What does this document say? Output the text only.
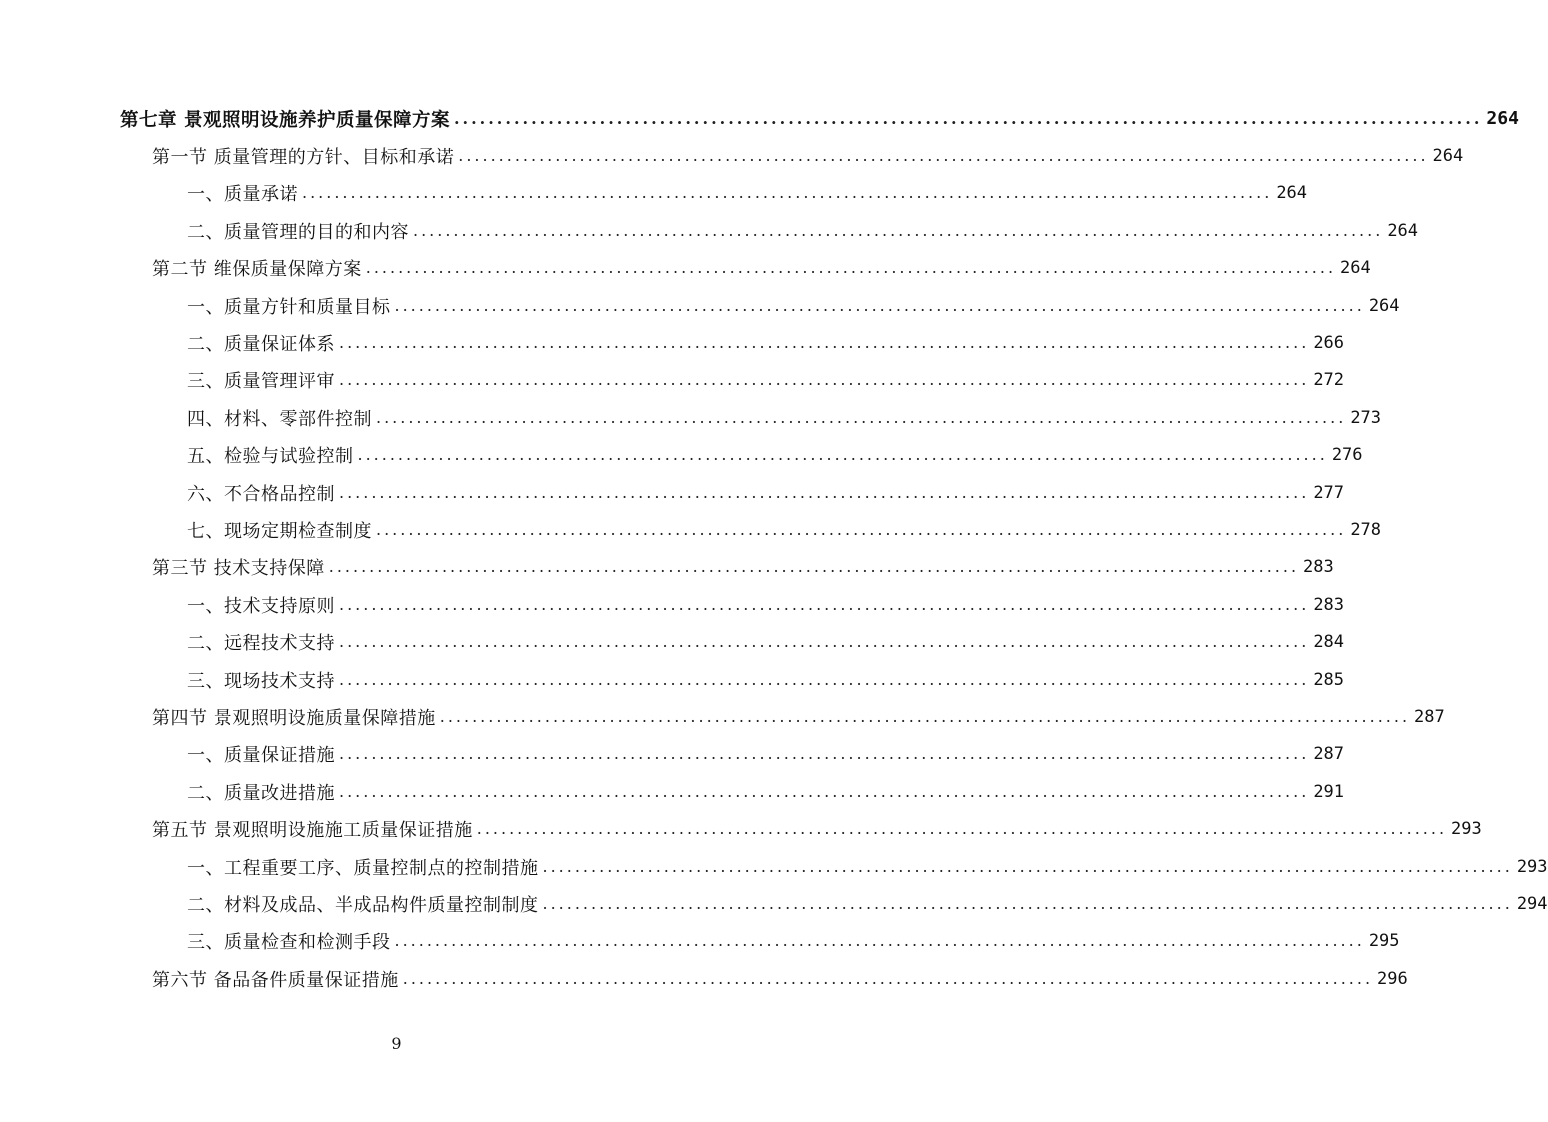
第七章 景观照明设施养护质量保障方案 ........................................................................................................................ 264
第一节 质量管理的方针、目标和承诺 ........................................................................................................................ 264
一、质量承诺 ........................................................................................................................ 264
二、质量管理的目的和内容 ........................................................................................................................ 264
第二节 维保质量保障方案 ........................................................................................................................ 264
一、质量方针和质量目标 ........................................................................................................................ 264
二、质量保证体系 ........................................................................................................................ 266
三、质量管理评审 ........................................................................................................................ 272
四、材料、零部件控制 ........................................................................................................................ 273
五、检验与试验控制 ........................................................................................................................ 276
六、不合格品控制 ........................................................................................................................ 277
七、现场定期检查制度 ........................................................................................................................ 278
第三节 技术支持保障 ........................................................................................................................ 283
一、技术支持原则 ........................................................................................................................ 283
二、远程技术支持 ........................................................................................................................ 284
三、现场技术支持 ........................................................................................................................ 285
第四节 景观照明设施质量保障措施 ........................................................................................................................ 287
一、质量保证措施 ........................................................................................................................ 287
二、质量改进措施 ........................................................................................................................ 291
第五节 景观照明设施施工质量保证措施 ........................................................................................................................ 293
一、工程重要工序、质量控制点的控制措施 ........................................................................................................................ 293
二、材料及成品、半成品构件质量控制制度 ........................................................................................................................ 294
三、质量检查和检测手段 ........................................................................................................................ 295
第六节 备品备件质量保证措施 ........................................................................................................................ 296
9
